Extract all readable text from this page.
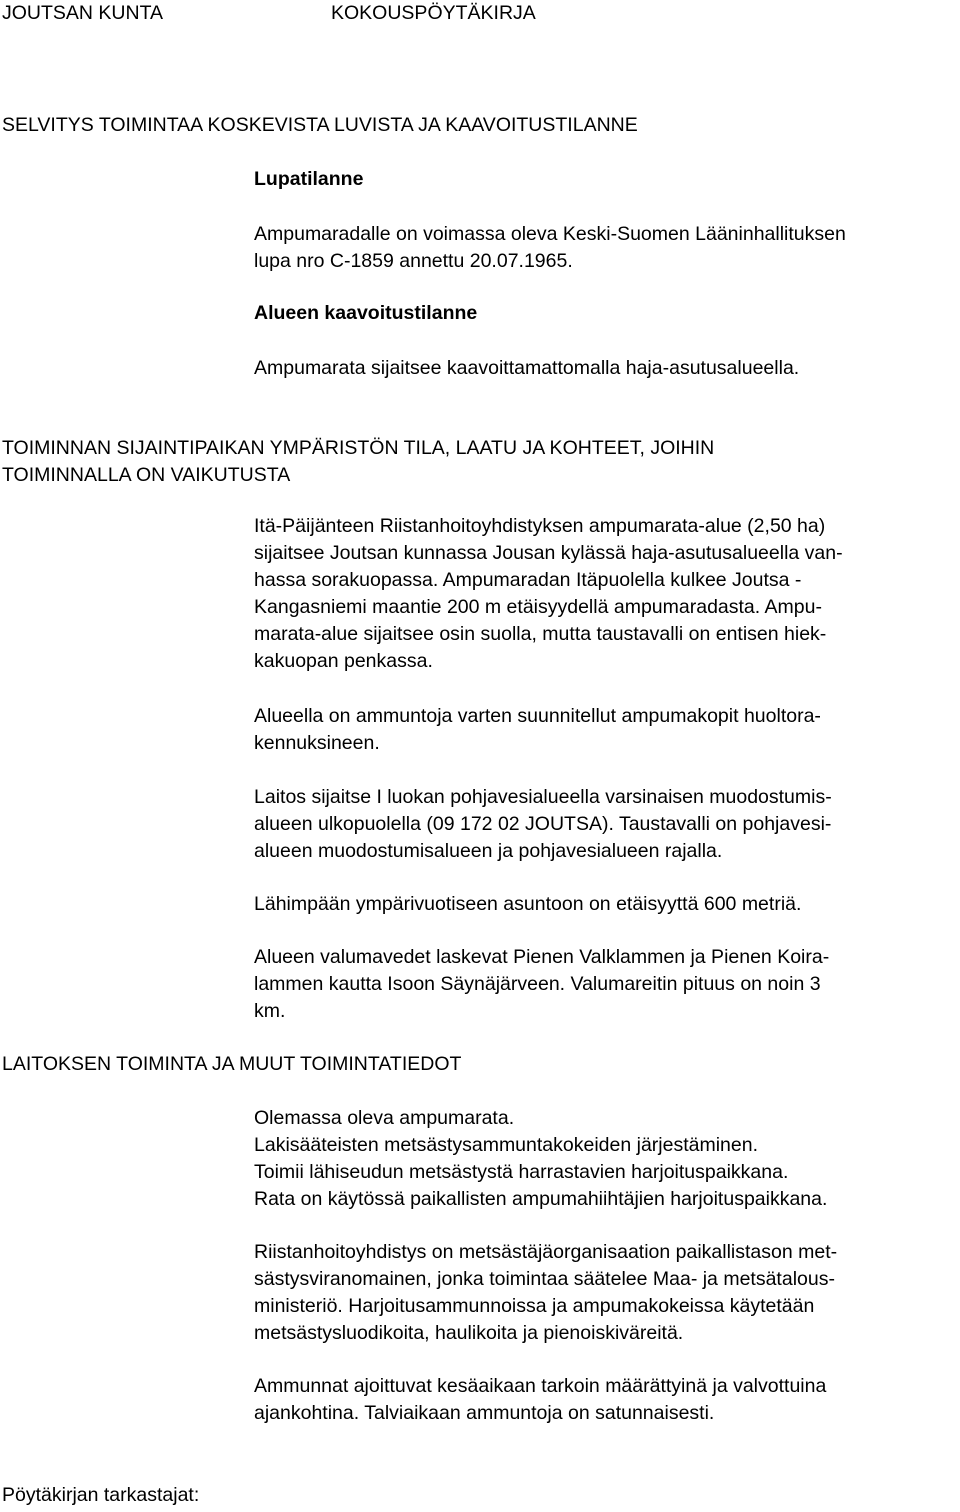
JOUTSAN KUNTA	KOKOUSPÖYTÄKIRJA
SELVITYS TOIMINTAA KOSKEVISTA LUVISTA JA KAAVOITUSTILANNE
Lupatilanne
Ampumaradalle on voimassa oleva Keski-Suomen Lääninhallituksen
lupa nro C-1859 annettu 20.07.1965.
Alueen kaavoitustilanne
Ampumarata sijaitsee kaavoittamattomalla haja-asutusalueella.
TOIMINNAN SIJAINTIPAIKAN YMPÄRISTÖN TILA, LAATU JA KOHTEET, JOIHIN
TOIMINNALLA ON VAIKUTUSTA
Itä-Päijänteen Riistanhoitoyhdistyksen ampumarata-alue (2,50 ha)
sijaitsee Joutsan kunnassa Jousan kylässä haja-asutusalueella van-
hassa sorakuopassa. Ampumaradan Itäpuolella kulkee Joutsa -
Kangasniemi maantie 200 m etäisyydellä ampumaradasta. Ampu-
marata-alue sijaitsee osin suolla, mutta taustavalli on entisen hiek-
kakuopan penkassa.
Alueella on ammuntoja varten suunnitellut ampumakopit huoltora-
kennuksineen.
Laitos sijaitse I luokan pohjavesialueella varsinaisen muodostumis-
alueen ulkopuolella (09 172 02 JOUTSA). Taustavalli on pohjavesi-
alueen muodostumisalueen ja pohjavesialueen rajalla.
Lähimpään ympärivuotiseen asuntoon on etäisyyttä 600 metriä.
Alueen valumavedet laskevat Pienen Valklammen ja Pienen Koira-
lammen kautta Isoon Säynäjärveen. Valumareitin pituus on noin 3
km.
LAITOKSEN TOIMINTA JA MUUT TOIMINTATIEDOT
Olemassa oleva ampumarata.
Lakisääteisten metsästysammuntakokeiden järjestäminen.
Toimii lähiseudun metsästystä harrastavien harjoituspaikkana.
Rata on käytössä paikallisten ampumahiihtäjien harjoituspaikkana.
Riistanhoitoyhdistys on metsästäjäorganisaation paikallistason met-
sästysviranomainen, jonka toimintaa säätelee Maa- ja metsätalous-
ministeriö. Harjoitusammunnoissa ja ampumakokeissa käytetään
metsästysluodikoita, haulikoita ja pienoiskiväreitä.
Ammunnat ajoittuvat kesäaikaan tarkoin määrättyinä ja valvottuina
ajankohtina. Talviaikaan ammuntoja on satunnaisesti.
Pöytäkirjan tarkastajat:
